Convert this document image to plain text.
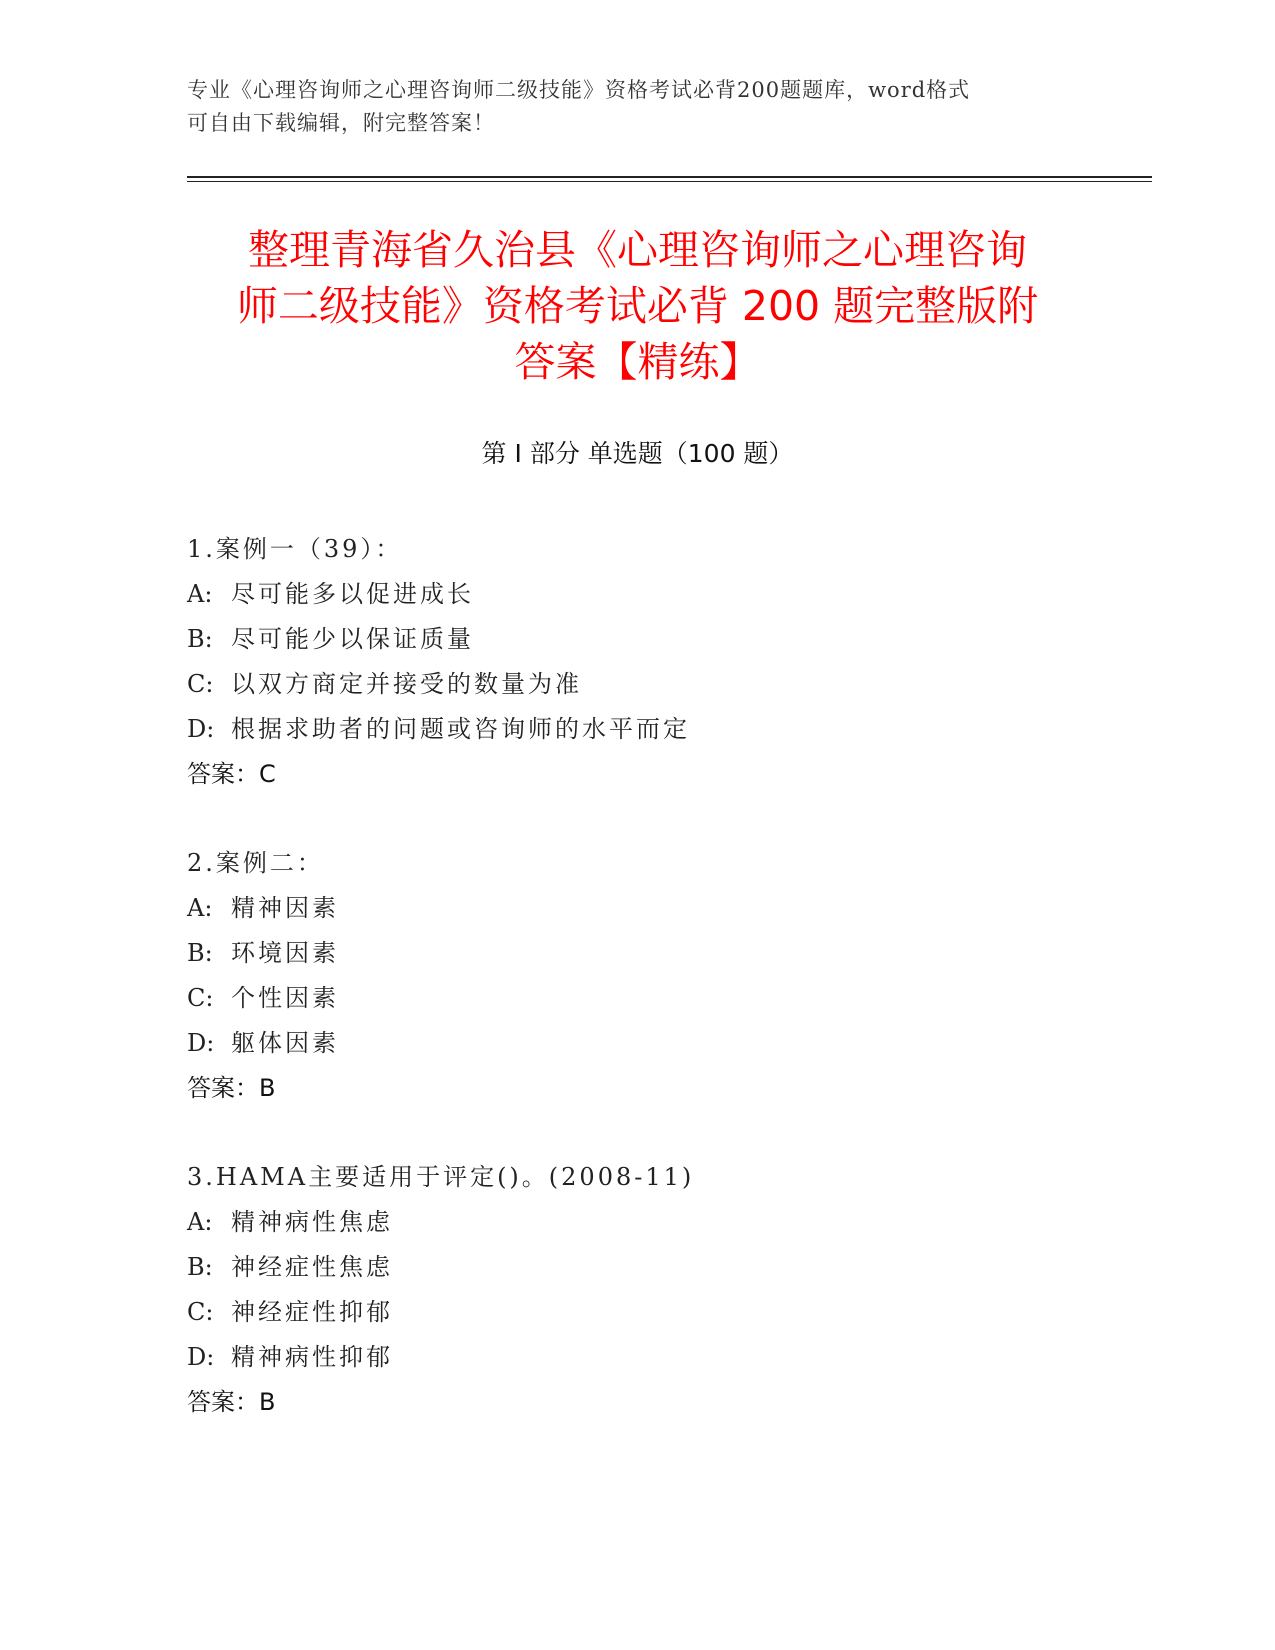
专业《心理咨询师之心理咨询师二级技能》资格考试必背200题题库，word格式
可自由下载编辑，附完整答案！
整理青海省久治县《心理咨询师之心理咨询
师二级技能》资格考试必背 200 题完整版附
答案【精练】
第 I 部分 单选题（100 题）
1.案例一（39）：
A: 尽可能多以促进成长
B: 尽可能少以保证质量
C: 以双方商定并接受的数量为准
D: 根据求助者的问题或咨询师的水平而定
答案：C
2.案例二：
A: 精神因素
B: 环境因素
C: 个性因素
D: 躯体因素
答案：B
3.HAMA主要适用于评定()。(2008-11)
A: 精神病性焦虑
B: 神经症性焦虑
C: 神经症性抑郁
D: 精神病性抑郁
答案：B
